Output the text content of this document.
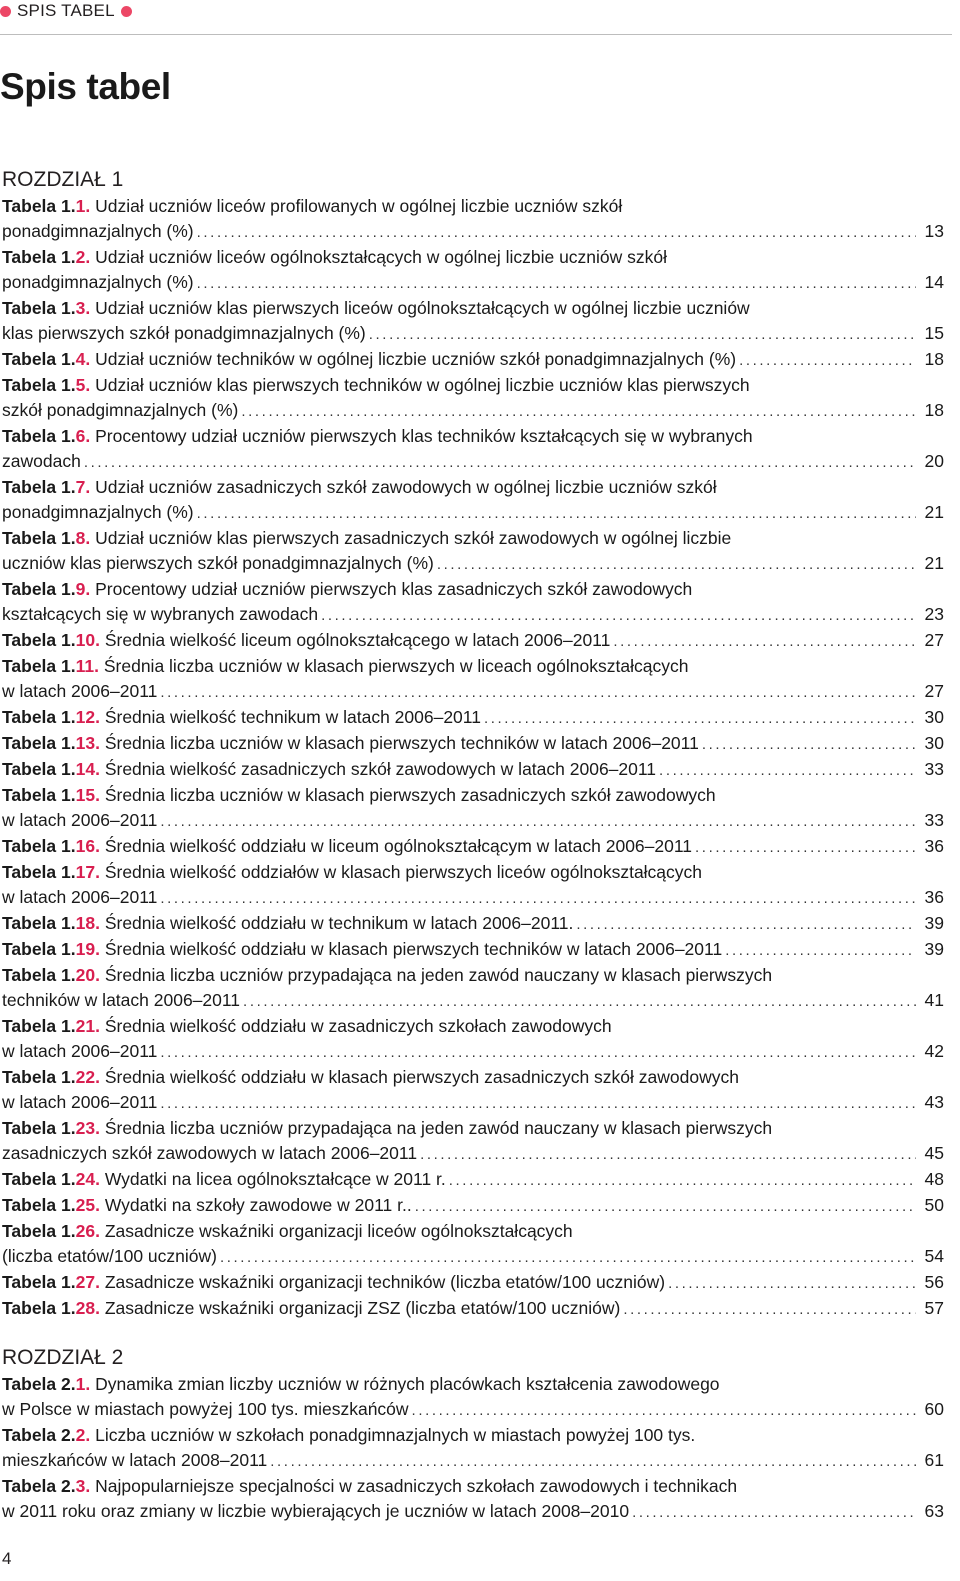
SPIS TABEL
Spis tabel
ROZDZIAŁ 1
Tabela 1.1. Udział uczniów liceów profilowanych w ogólnej liczbie uczniów szkół
ponadgimnazjalnych (%) .....	13
Tabela 1.2. Udział uczniów liceów ogólnokształcących w ogólnej liczbie uczniów szkół
ponadgimnazjalnych (%) .....	14
Tabela 1.3. Udział uczniów klas pierwszych liceów ogólnokształcących w ogólnej liczbie uczniów
klas pierwszych szkół ponadgimnazjalnych (%) .....	15
Tabela 1.4. Udział uczniów techników w ogólnej liczbie uczniów szkół ponadgimnazjalnych (%) .....	18
Tabela 1.5. Udział uczniów klas pierwszych techników w ogólnej liczbie uczniów klas pierwszych
szkół ponadgimnazjalnych (%) .....	18
Tabela 1.6. Procentowy udział uczniów pierwszych klas techników kształcących się w wybranych
zawodach .....	20
Tabela 1.7. Udział uczniów zasadniczych szkół zawodowych w ogólnej liczbie uczniów szkół
ponadgimnazjalnych (%) .....	21
Tabela 1.8. Udział uczniów klas pierwszych zasadniczych szkół zawodowych w ogólnej liczbie
uczniów klas pierwszych szkół ponadgimnazjalnych (%) .....	21
Tabela 1.9. Procentowy udział uczniów pierwszych klas zasadniczych szkół zawodowych
kształcących się w wybranych zawodach .....	23
Tabela 1.10. Średnia wielkość liceum ogólnokształcącego w latach 2006–2011 .....	27
Tabela 1.11. Średnia liczba uczniów w klasach pierwszych w liceach ogólnokształcących
w latach 2006–2011 .....	27
Tabela 1.12. Średnia wielkość technikum w latach 2006–2011 .....	30
Tabela 1.13. Średnia liczba uczniów w klasach pierwszych techników w latach 2006–2011 .....	30
Tabela 1.14. Średnia wielkość zasadniczych szkół zawodowych w latach 2006–2011 .....	33
Tabela 1.15. Średnia liczba uczniów w klasach pierwszych zasadniczych szkół zawodowych
w latach 2006–2011 .....	33
Tabela 1.16. Średnia wielkość oddziału w liceum ogólnokształcącym w latach 2006–2011 .....	36
Tabela 1.17. Średnia wielkość oddziałów w klasach pierwszych liceów ogólnokształcących
w latach 2006–2011 .....	36
Tabela 1.18. Średnia wielkość oddziału w technikum w latach 2006–2011. .....	39
Tabela 1.19. Średnia wielkość oddziału w klasach pierwszych techników w latach 2006–2011 .....	39
Tabela 1.20. Średnia liczba uczniów przypadająca na jeden zawód nauczany w klasach pierwszych
techników w latach 2006–2011 .....	41
Tabela 1.21. Średnia wielkość oddziału w zasadniczych szkołach zawodowych
w latach 2006–2011 .....	42
Tabela 1.22. Średnia wielkość oddziału w klasach pierwszych zasadniczych szkół zawodowych
w latach 2006–2011 .....	43
Tabela 1.23. Średnia liczba uczniów przypadająca na jeden zawód nauczany w klasach pierwszych
zasadniczych szkół zawodowych w latach 2006–2011 .....	45
Tabela 1.24. Wydatki na licea ogólnokształcące w 2011 r. .....	48
Tabela 1.25. Wydatki na szkoły zawodowe w 2011 r.. .....	50
Tabela 1.26. Zasadnicze wskaźniki organizacji liceów ogólnokształcących
(liczba etatów/100 uczniów) .....	54
Tabela 1.27. Zasadnicze wskaźniki organizacji techników (liczba etatów/100 uczniów) .....	56
Tabela 1.28. Zasadnicze wskaźniki organizacji ZSZ (liczba etatów/100 uczniów) .....	57
ROZDZIAŁ 2
Tabela 2.1. Dynamika zmian liczby uczniów w różnych placówkach kształcenia zawodowego
w Polsce w miastach powyżej 100 tys. mieszkańców .....	60
Tabela 2.2. Liczba uczniów w szkołach ponadgimnazjalnych w miastach powyżej 100 tys.
mieszkańców w latach 2008–2011 .....	61
Tabela 2.3. Najpopularniejsze specjalności w zasadniczych szkołach zawodowych i technikach
w 2011 roku oraz zmiany w liczbie wybierających je uczniów w latach 2008–2010 .....	63
4
